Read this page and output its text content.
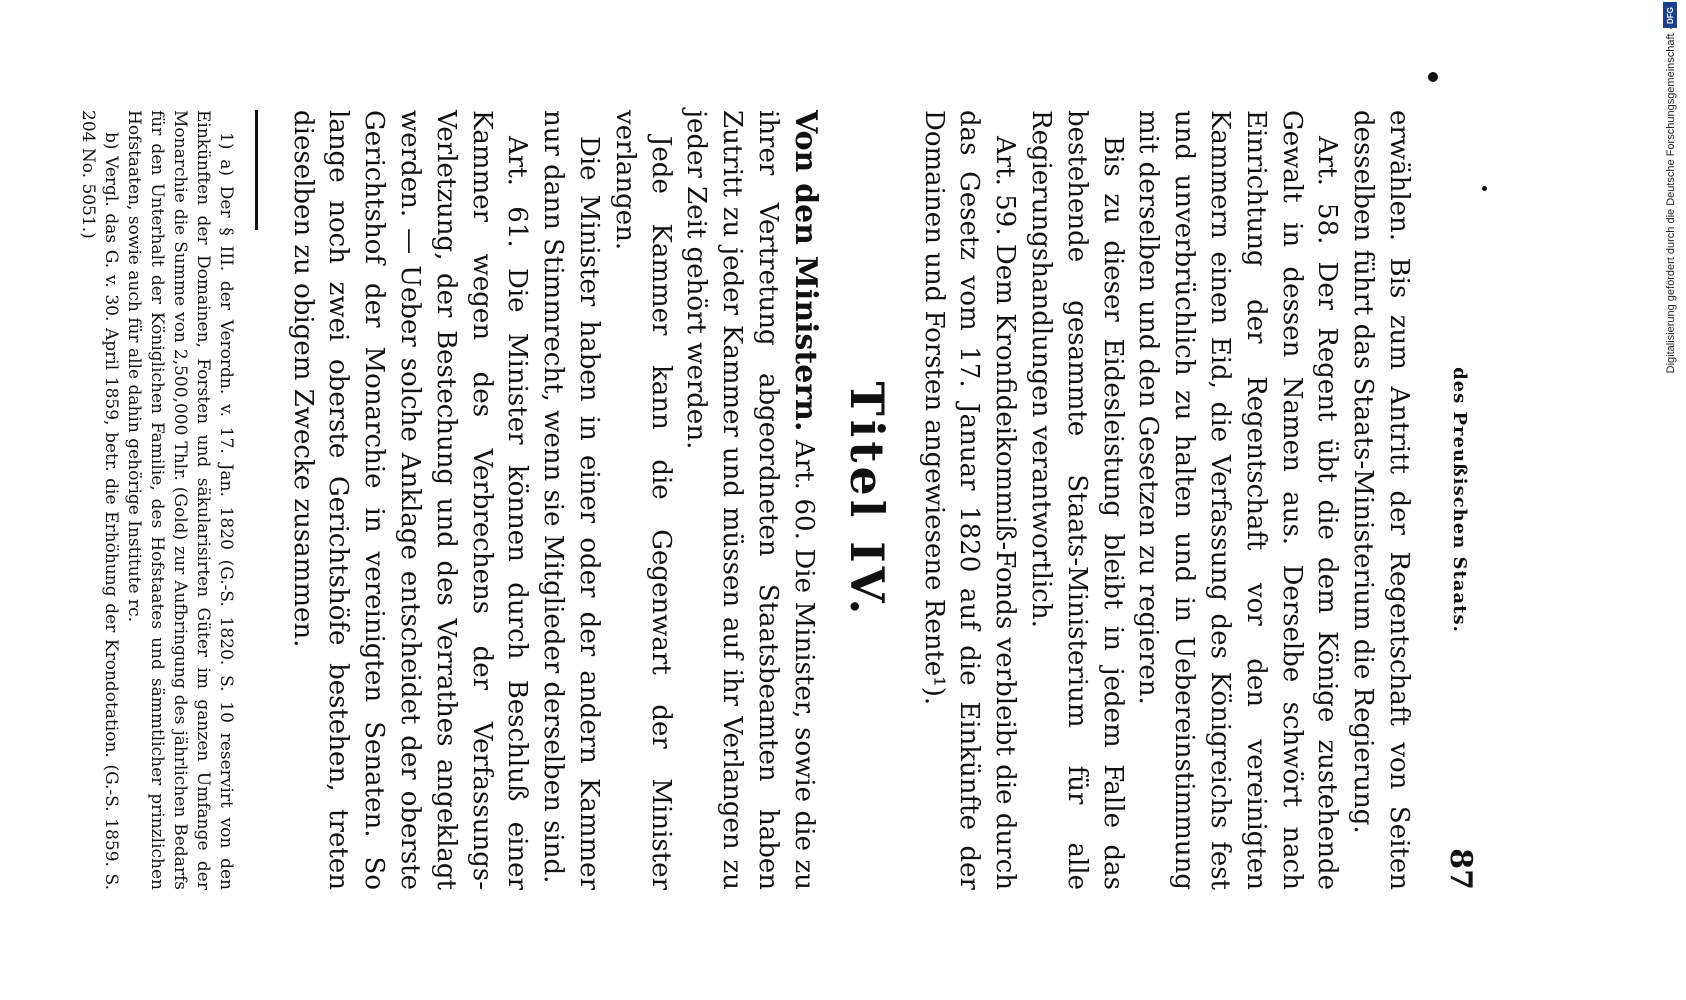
des Preußischen Staats.
87

erwählen. Bis zum Antritt der Regentschaft von Seiten desselben führt das Staats-Ministerium die Regierung.

Art. 58. Der Regent übt die dem Könige zustehende Gewalt in dessen Namen aus. Derselbe schwört nach Einrichtung der Regentschaft vor den vereinigten Kammern einen Eid, die Verfassung des Königreichs fest und unverbrüchlich zu halten und in Uebereinstimmung mit derselben und den Gesetzen zu regieren.

Bis zu dieser Eidesleistung bleibt in jedem Falle das bestehende gesammte Staats-Ministerium für alle Regierungshandlungen verantwortlich.

Art. 59. Dem Kronfideikommiß-Fonds verbleibt die durch das Gesetz vom 17. Januar 1820 auf die Einkünfte der Domainen und Forsten angewiesene Rente¹).

Titel IV.

Von den Ministern. Art. 60. Die Minister, sowie die zu ihrer Vertretung abgeordneten Staatsbeamten haben Zutritt zu jeder Kammer und müssen auf ihr Verlangen zu jeder Zeit gehört werden.

Jede Kammer kann die Gegenwart der Minister verlangen.

Die Minister haben in einer oder der andern Kammer nur dann Stimmrecht, wenn sie Mitglieder derselben sind.

Art. 61. Die Minister können durch Beschluß einer Kammer wegen des Verbrechens der Verfassungs-Verletzung, der Bestechung und des Verrathes angeklagt werden. — Ueber solche Anklage entscheidet der oberste Gerichtshof der Monarchie in vereinigten Senaten. So lange noch zwei oberste Gerichtshöfe bestehen, treten dieselben zu obigem Zwecke zusammen.

1) a) Der § III. der Verordn. v. 17. Jan. 1820 (G.-S. 1820. S. 10 reservirt von den Einkünften der Domainen, Forsten und säkularisirten Güter im ganzen Umfange der Monarchie die Summe von 2,500,000 Thlr. (Gold) zur Aufbringung des jährlichen Bedarfs für den Unterhalt der Königlichen Familie, des Hofstaates und sämmtlicher prinzlichen Hofstaaten, sowie auch für alle dahin gehörige Institute rc.

b) Vergl. das G. v. 30. April 1859, betr. die Erhöhung der Krondotation. (G.-S. 1859. S. 204 No. 5051.)

DFG
Digitalisierung gefördert durch die Deutsche Forschungsgemeinschaft ·
